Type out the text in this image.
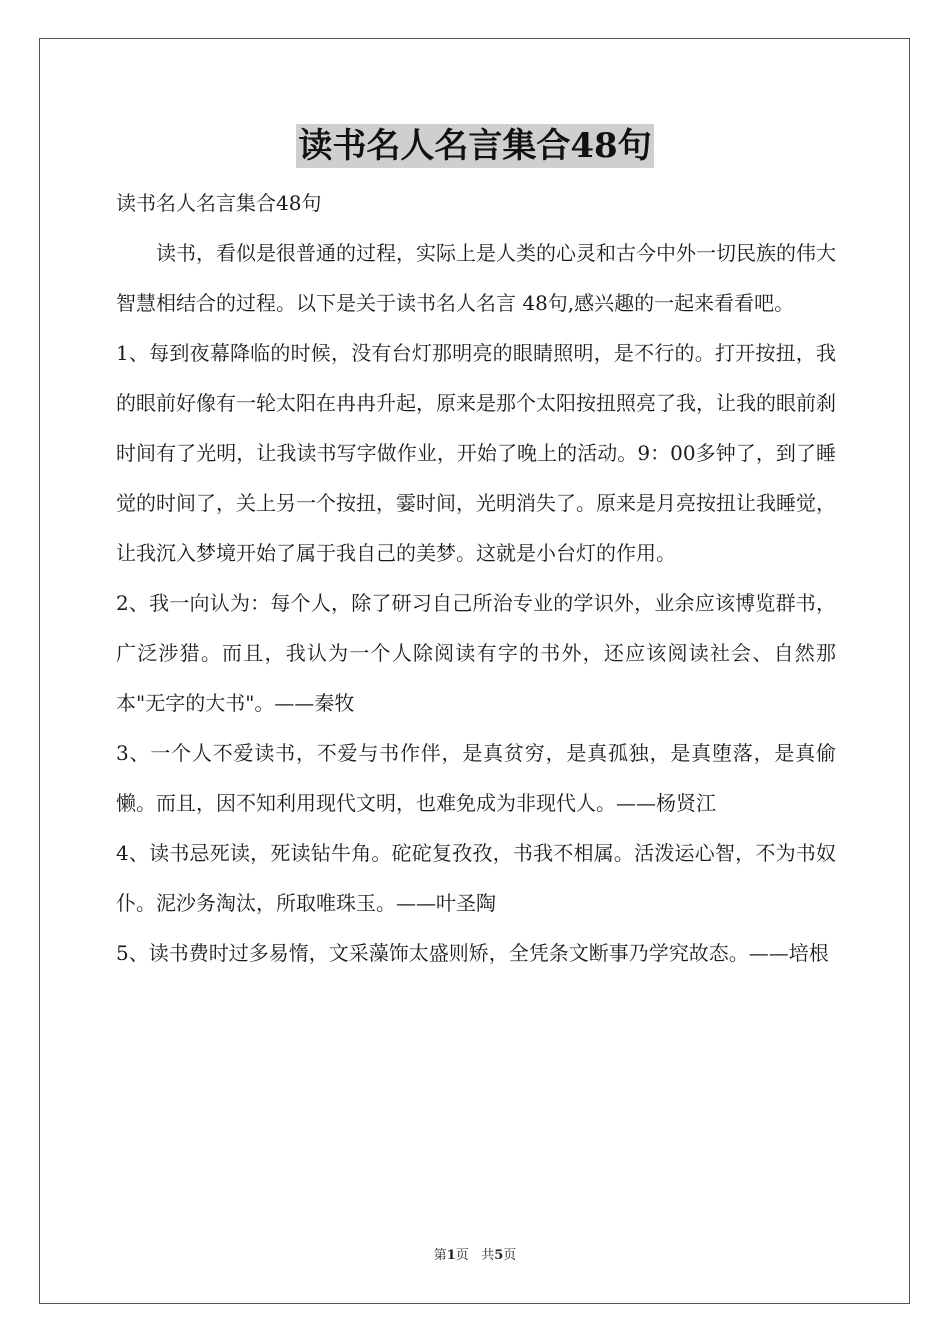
读书名人名言集合48句

读书名人名言集合48句

读书，看似是很普通的过程，实际上是人类的心灵和古今中外一切民族的伟大智慧相结合的过程。以下是关于读书名人名言 48句,感兴趣的一起来看看吧。

1、每到夜幕降临的时候，没有台灯那明亮的眼睛照明，是不行的。打开按扭，我的眼前好像有一轮太阳在冉冉升起，原来是那个太阳按扭照亮了我，让我的眼前刹时间有了光明，让我读书写字做作业，开始了晚上的活动。9：00多钟了，到了睡觉的时间了，关上另一个按扭，霎时间，光明消失了。原来是月亮按扭让我睡觉，让我沉入梦境开始了属于我自己的美梦。这就是小台灯的作用。

2、我一向认为：每个人，除了研习自己所治专业的学识外，业余应该博览群书，广泛涉猎。而且，我认为一个人除阅读有字的书外，还应该阅读社会、自然那本"无字的大书"。——秦牧

3、一个人不爱读书，不爱与书作伴，是真贫穷，是真孤独，是真堕落，是真偷懒。而且，因不知利用现代文明，也难免成为非现代人。——杨贤江

4、读书忌死读，死读钻牛角。砣砣复孜孜，书我不相属。活泼运心智，不为书奴仆。泥沙务淘汰，所取唯珠玉。——叶圣陶

5、读书费时过多易惰，文采藻饰太盛则矫，全凭条文断事乃学究故态。——培根

第1页 共5页
